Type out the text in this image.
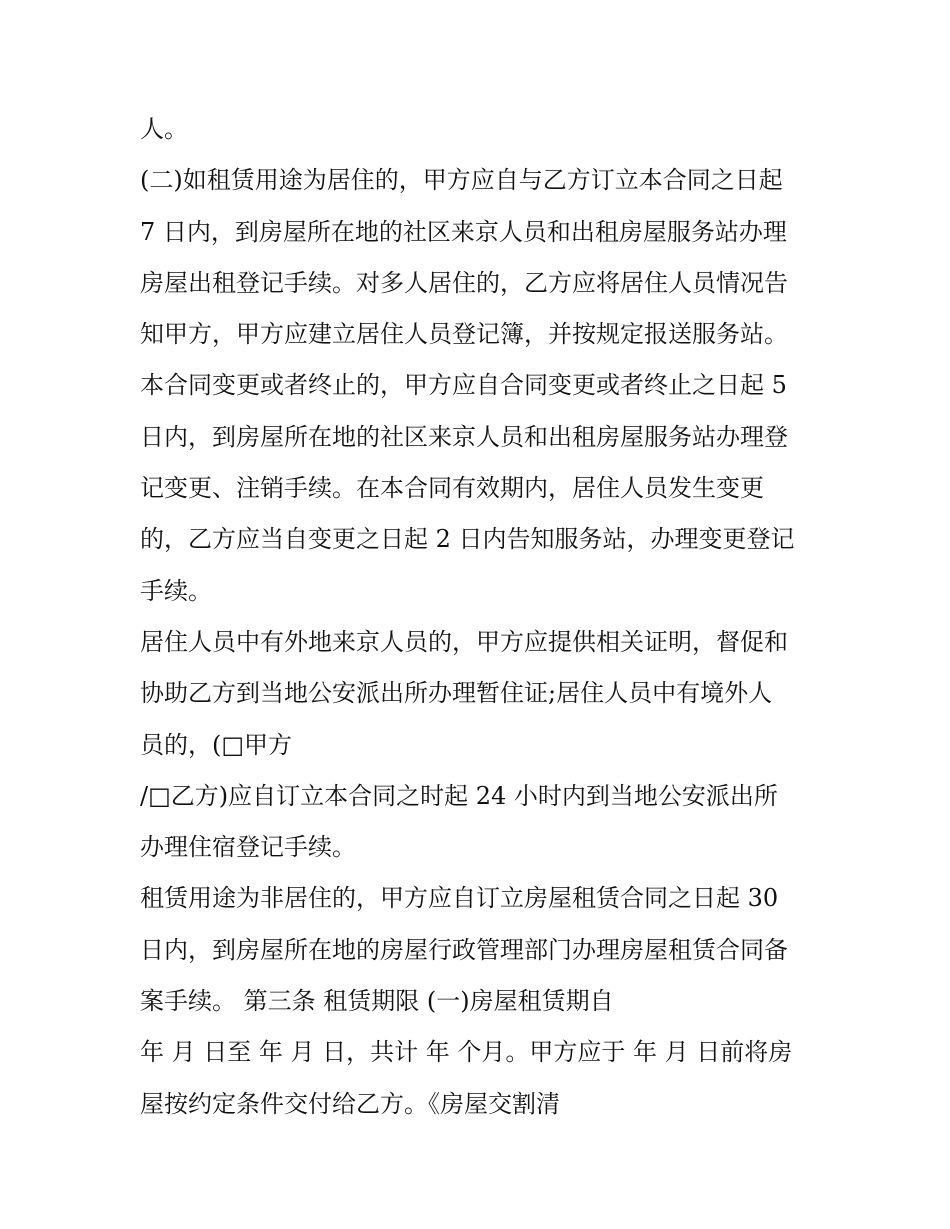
人。
(二)如租赁用途为居住的，甲方应自与乙方订立本合同之日起
7 日内，到房屋所在地的社区来京人员和出租房屋服务站办理
房屋出租登记手续。对多人居住的，乙方应将居住人员情况告
知甲方，甲方应建立居住人员登记簿，并按规定报送服务站。
本合同变更或者终止的，甲方应自合同变更或者终止之日起 5
日内，到房屋所在地的社区来京人员和出租房屋服务站办理登
记变更、注销手续。在本合同有效期内，居住人员发生变更
的，乙方应当自变更之日起 2 日内告知服务站，办理变更登记
手续。
居住人员中有外地来京人员的，甲方应提供相关证明，督促和
协助乙方到当地公安派出所办理暂住证;居住人员中有境外人
员的，(□甲方
/□乙方)应自订立本合同之时起 24 小时内到当地公安派出所
办理住宿登记手续。
租赁用途为非居住的，甲方应自订立房屋租赁合同之日起 30
日内，到房屋所在地的房屋行政管理部门办理房屋租赁合同备
案手续。 第三条 租赁期限 (一)房屋租赁期自
年 月 日至 年 月 日，共计 年 个月。甲方应于 年 月 日前将房
屋按约定条件交付给乙方。《房屋交割清
